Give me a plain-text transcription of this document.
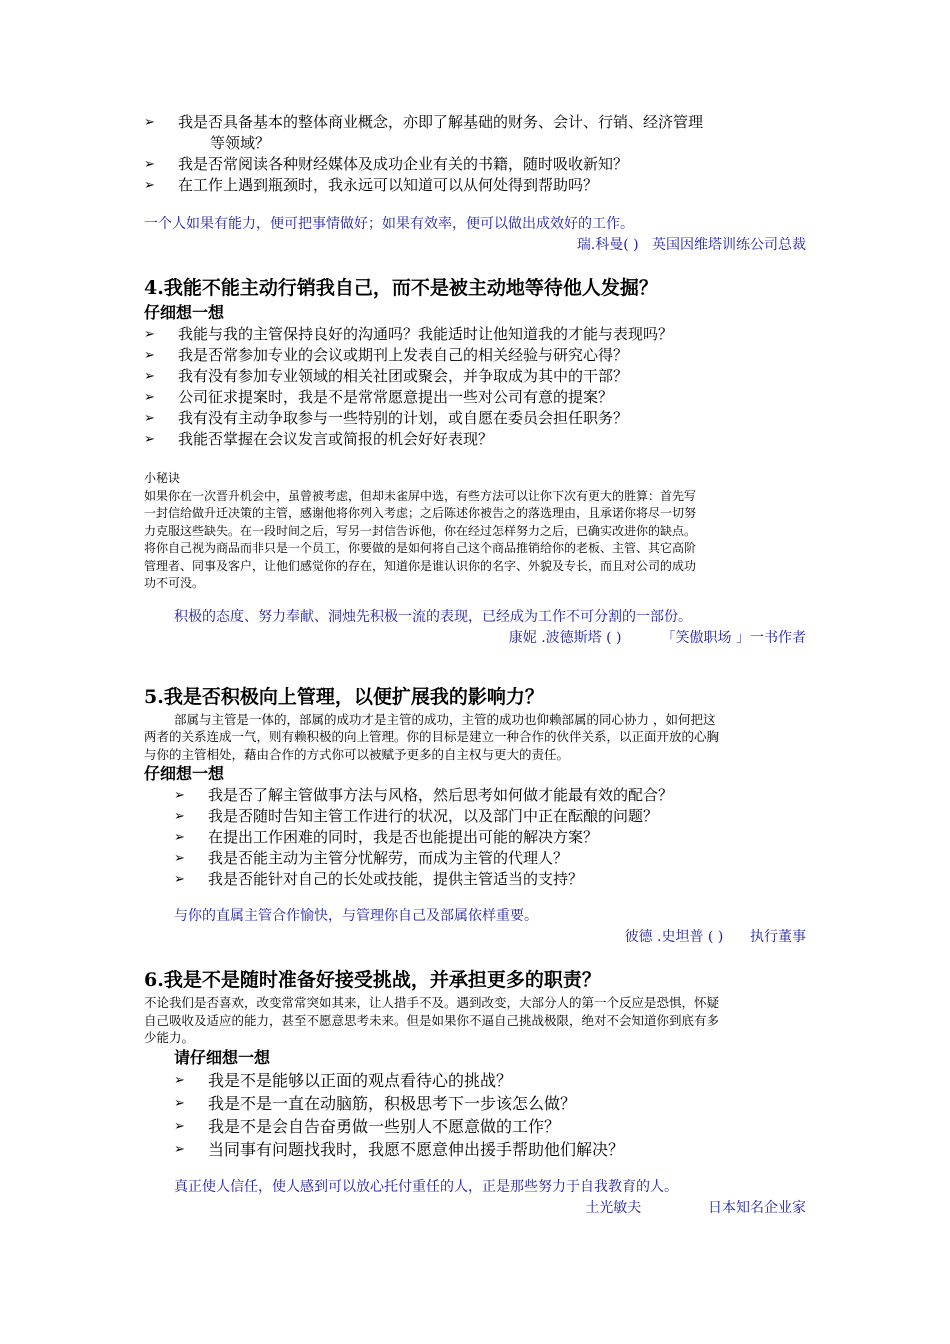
➢ 我是否具备基本的整体商业概念，亦即了解基础的财务、会计、行销、经济管理
等领域？
➢ 我是否常阅读各种财经媒体及成功企业有关的书籍，随时吸收新知？
➢ 在工作上遇到瓶颈时，我永远可以知道可以从何处得到帮助吗？
一个人如果有能力，便可把事情做好；如果有效率，便可以做出成效好的工作。
瑞.科曼( ) 英国因维塔训练公司总裁
4.我能不能主动行销我自己，而不是被主动地等待他人发掘？
仔细想一想
➢ 我能与我的主管保持良好的沟通吗？我能适时让他知道我的才能与表现吗？
➢ 我是否常参加专业的会议或期刊上发表自己的相关经验与研究心得？
➢ 我有没有参加专业领域的相关社团或聚会，并争取成为其中的干部？
➢ 公司征求提案时，我是不是常常愿意提出一些对公司有意的提案？
➢ 我有没有主动争取参与一些特别的计划，或自愿在委员会担任职务？
➢ 我能否掌握在会议发言或简报的机会好好表现？
小秘诀
如果你在一次晋升机会中，虽曾被考虑，但却未雀屏中选，有些方法可以让你下次有更大的胜算：首先写
一封信给做升迁决策的主管，感谢他将你列入考虑；之后陈述你被告之的落选理由，且承诺你将尽一切努
力克服这些缺失。在一段时间之后，写另一封信告诉他，你在经过怎样努力之后，已确实改进你的缺点。
将你自己视为商品而非只是一个员工，你要做的是如何将自己这个商品推销给你的老板、主管、其它高阶
管理者、同事及客户，让他们感觉你的存在，知道你是谁认识你的名字、外貌及专长，而且对公司的成功
功不可没。
积极的态度、努力奉献、洞烛先积极一流的表现，已经成为工作不可分割的一部份。
康妮 .波德斯塔 ( )	「笑傲职场 」一书作者
5.我是否积极向上管理，以便扩展我的影响力？
部属与主管是一体的，部属的成功才是主管的成功，主管的成功也仰赖部属的同心协力 ，如何把这
两者的关系连成一气，则有赖积极的向上管理。你的目标是建立一种合作的伙伴关系，以正面开放的心胸
与你的主管相处，藉由合作的方式你可以被赋予更多的自主权与更大的责任。
仔细想一想
➢ 我是否了解主管做事方法与风格，然后思考如何做才能最有效的配合？
➢ 我是否随时告知主管工作进行的状况，以及部门中正在酝酿的问题？
➢ 在提出工作困难的同时，我是否也能提出可能的解决方案？
➢ 我是否能主动为主管分忧解劳，而成为主管的代理人？
➢ 我是否能针对自己的长处或技能，提供主管适当的支持？
与你的直属主管合作愉快，与管理你自己及部属依样重要。
彼德 .史坦普 ( ) 执行董事
6.我是不是随时准备好接受挑战，并承担更多的职责？
不论我们是否喜欢，改变常常突如其来，让人措手不及。遇到改变，大部分人的第一个反应是恐惧，怀疑
自己吸收及适应的能力，甚至不愿意思考未来。但是如果你不逼自己挑战极限，绝对不会知道你到底有多
少能力。
请仔细想一想
➢ 我是不是能够以正面的观点看待心的挑战？
➢ 我是不是一直在动脑筋，积极思考下一步该怎么做？
➢ 我是不是会自告奋勇做一些别人不愿意做的工作？
➢ 当同事有问题找我时，我愿不愿意伸出援手帮助他们解决？
真正使人信任，使人感到可以放心托付重任的人，正是那些努力于自我教育的人。
土光敏夫	日本知名企业家
